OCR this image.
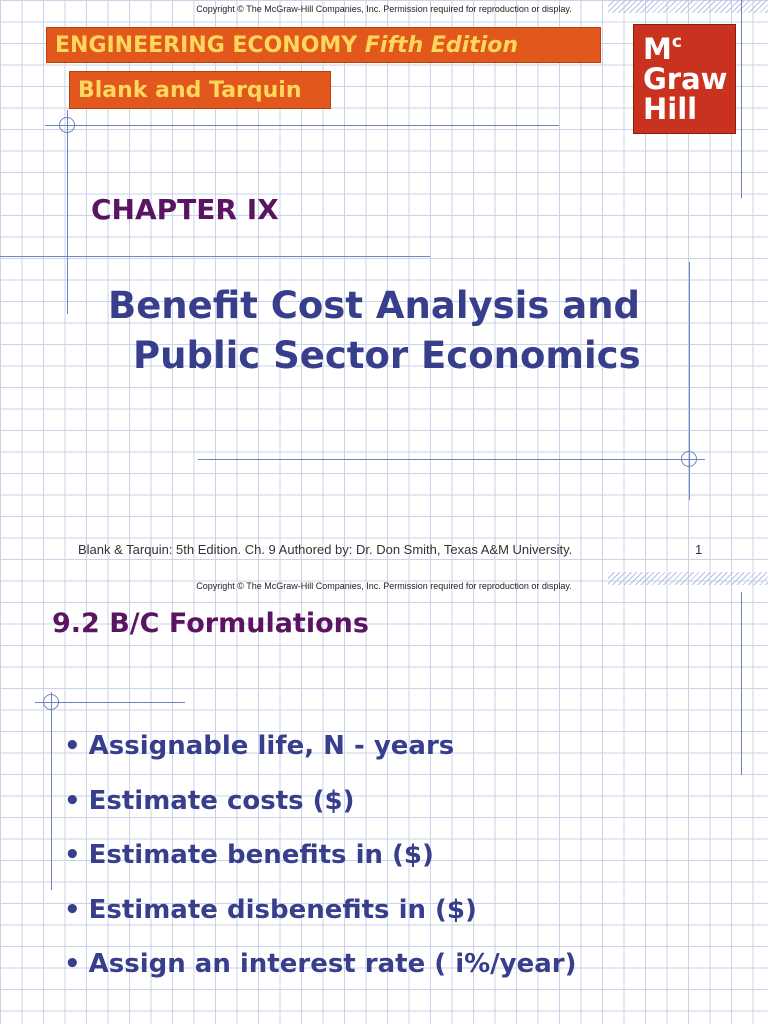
Copyright © The McGraw-Hill Companies, Inc. Permission required for reproduction or display.
ENGINEERING ECONOMY Fifth Edition
Blank and Tarquin
$M^c$
Graw
Hill
CHAPTER IX
Benefit Cost Analysis and
Public Sector Economics
Blank & Tarquin: 5th Edition. Ch. 9 Authored by: Dr. Don Smith, Texas A&M University.	1
Copyright © The McGraw-Hill Companies, Inc. Permission required for reproduction or display.
9.2 B/C Formulations
• Assignable life, N - years
• Estimate costs ($)
• Estimate benefits in ($)
• Estimate disbenefits in ($)
• Assign an interest rate ( i%/year)
